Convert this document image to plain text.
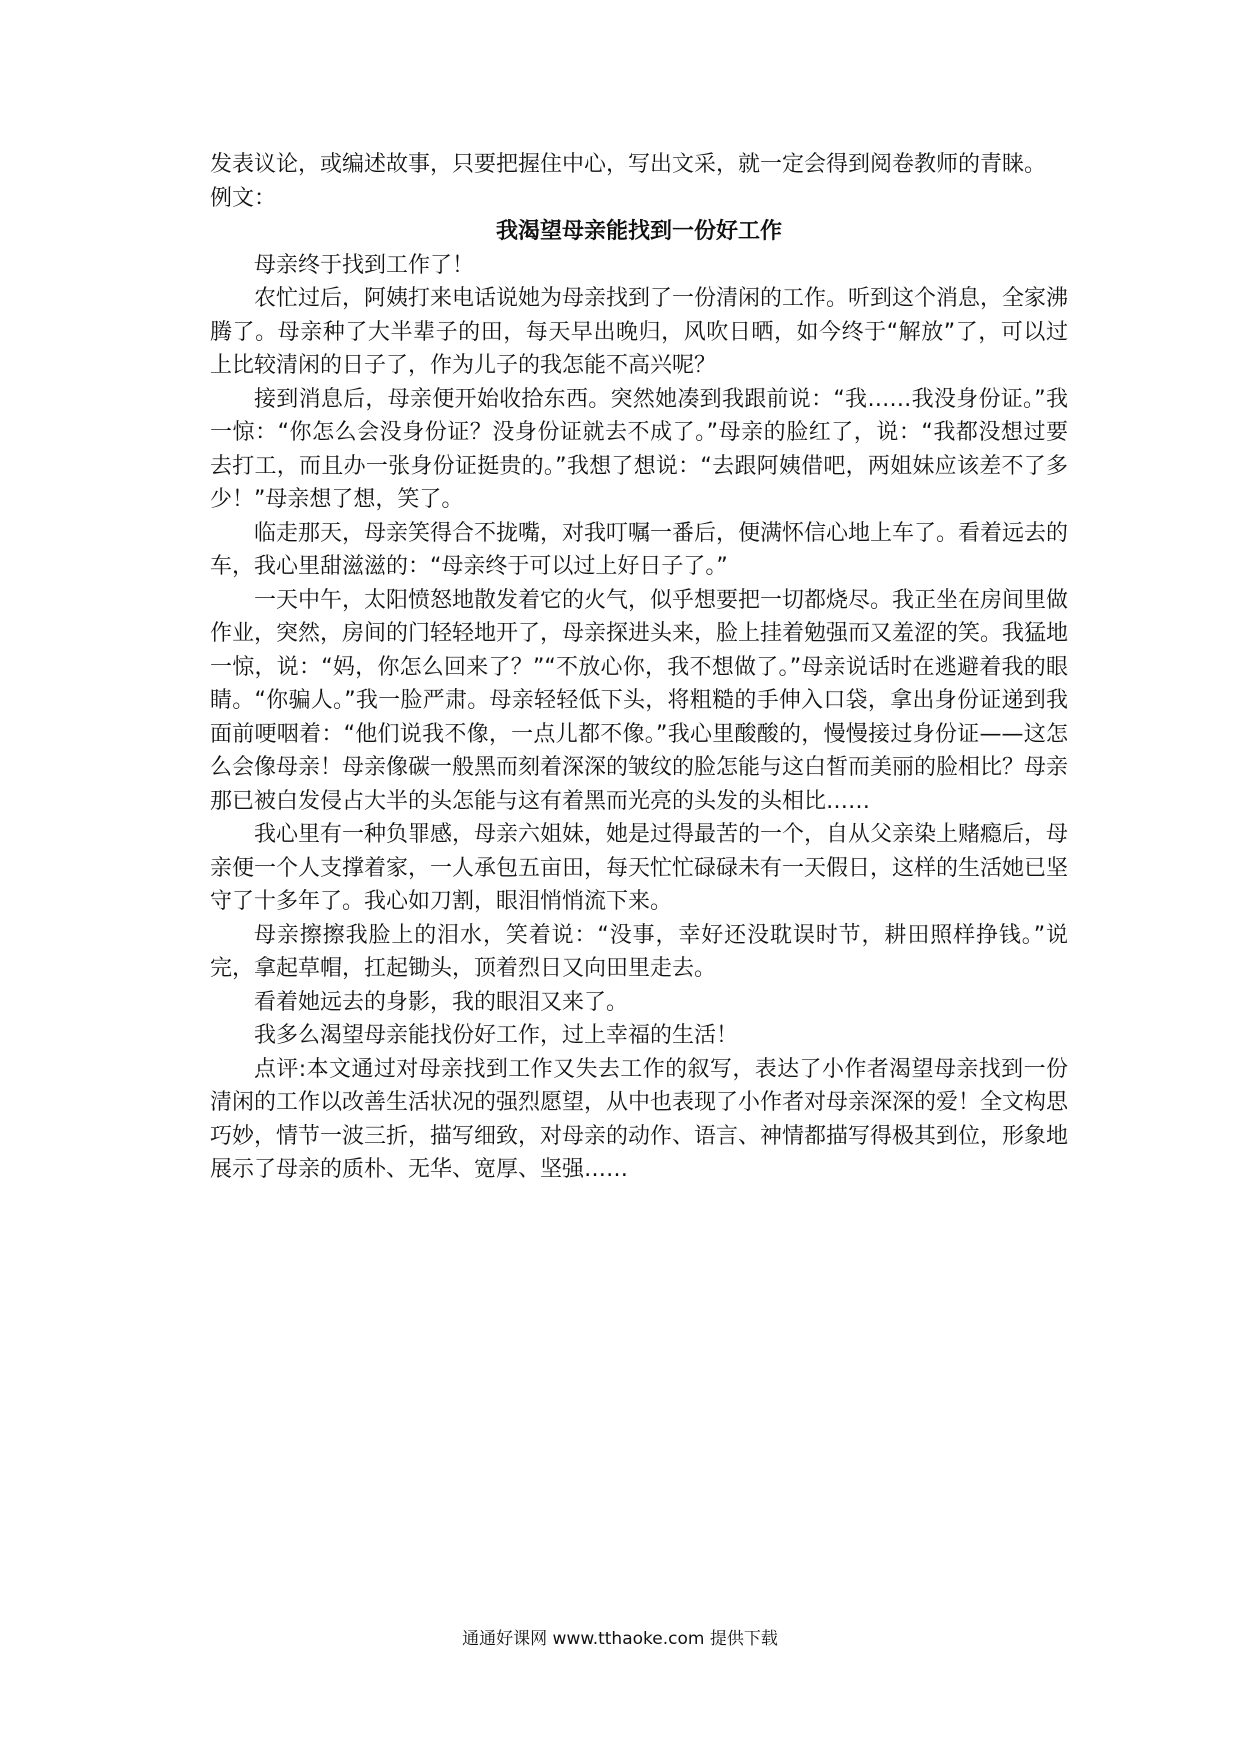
发表议论，或编述故事，只要把握住中心，写出文采，就一定会得到阅卷教师的青睐。

例文：

我渴望母亲能找到一份好工作

母亲终于找到工作了！

农忙过后，阿姨打来电话说她为母亲找到了一份清闲的工作。听到这个消息，全家沸腾了。母亲种了大半辈子的田，每天早出晚归，风吹日晒，如今终于“解放”了，可以过上比较清闲的日子了，作为儿子的我怎能不高兴呢？

接到消息后，母亲便开始收拾东西。突然她凑到我跟前说：“我……我没身份证。”我一惊：“你怎么会没身份证？没身份证就去不成了。”母亲的脸红了，说：“我都没想过要去打工，而且办一张身份证挺贵的。”我想了想说：“去跟阿姨借吧，两姐妹应该差不了多少！”母亲想了想，笑了。

临走那天，母亲笑得合不拢嘴，对我叮嘱一番后，便满怀信心地上车了。看着远去的车，我心里甜滋滋的：“母亲终于可以过上好日子了。”

一天中午，太阳愤怒地散发着它的火气，似乎想要把一切都烧尽。我正坐在房间里做作业，突然，房间的门轻轻地开了，母亲探进头来，脸上挂着勉强而又羞涩的笑。我猛地一惊，说：“妈，你怎么回来了？”“不放心你，我不想做了。”母亲说话时在逃避着我的眼睛。“你骗人。”我一脸严肃。母亲轻轻低下头，将粗糙的手伸入口袋，拿出身份证递到我面前哽咽着：“他们说我不像，一点儿都不像。”我心里酸酸的，慢慢接过身份证——这怎么会像母亲！母亲像碳一般黑而刻着深深的皱纹的脸怎能与这白皙而美丽的脸相比？母亲那已被白发侵占大半的头怎能与这有着黑而光亮的头发的头相比……

我心里有一种负罪感，母亲六姐妹，她是过得最苦的一个，自从父亲染上赌瘾后，母亲便一个人支撑着家，一人承包五亩田，每天忙忙碌碌未有一天假日，这样的生活她已坚守了十多年了。我心如刀割，眼泪悄悄流下来。

母亲擦擦我脸上的泪水，笑着说：“没事，幸好还没耽误时节，耕田照样挣钱。”说完，拿起草帽，扛起锄头，顶着烈日又向田里走去。

看着她远去的身影，我的眼泪又来了。

我多么渴望母亲能找份好工作，过上幸福的生活！

点评:本文通过对母亲找到工作又失去工作的叙写，表达了小作者渴望母亲找到一份清闲的工作以改善生活状况的强烈愿望，从中也表现了小作者对母亲深深的爱！全文构思巧妙，情节一波三折，描写细致，对母亲的动作、语言、神情都描写得极其到位，形象地展示了母亲的质朴、无华、宽厚、坚强……

通通好课网 www.tthaoke.com 提供下载
